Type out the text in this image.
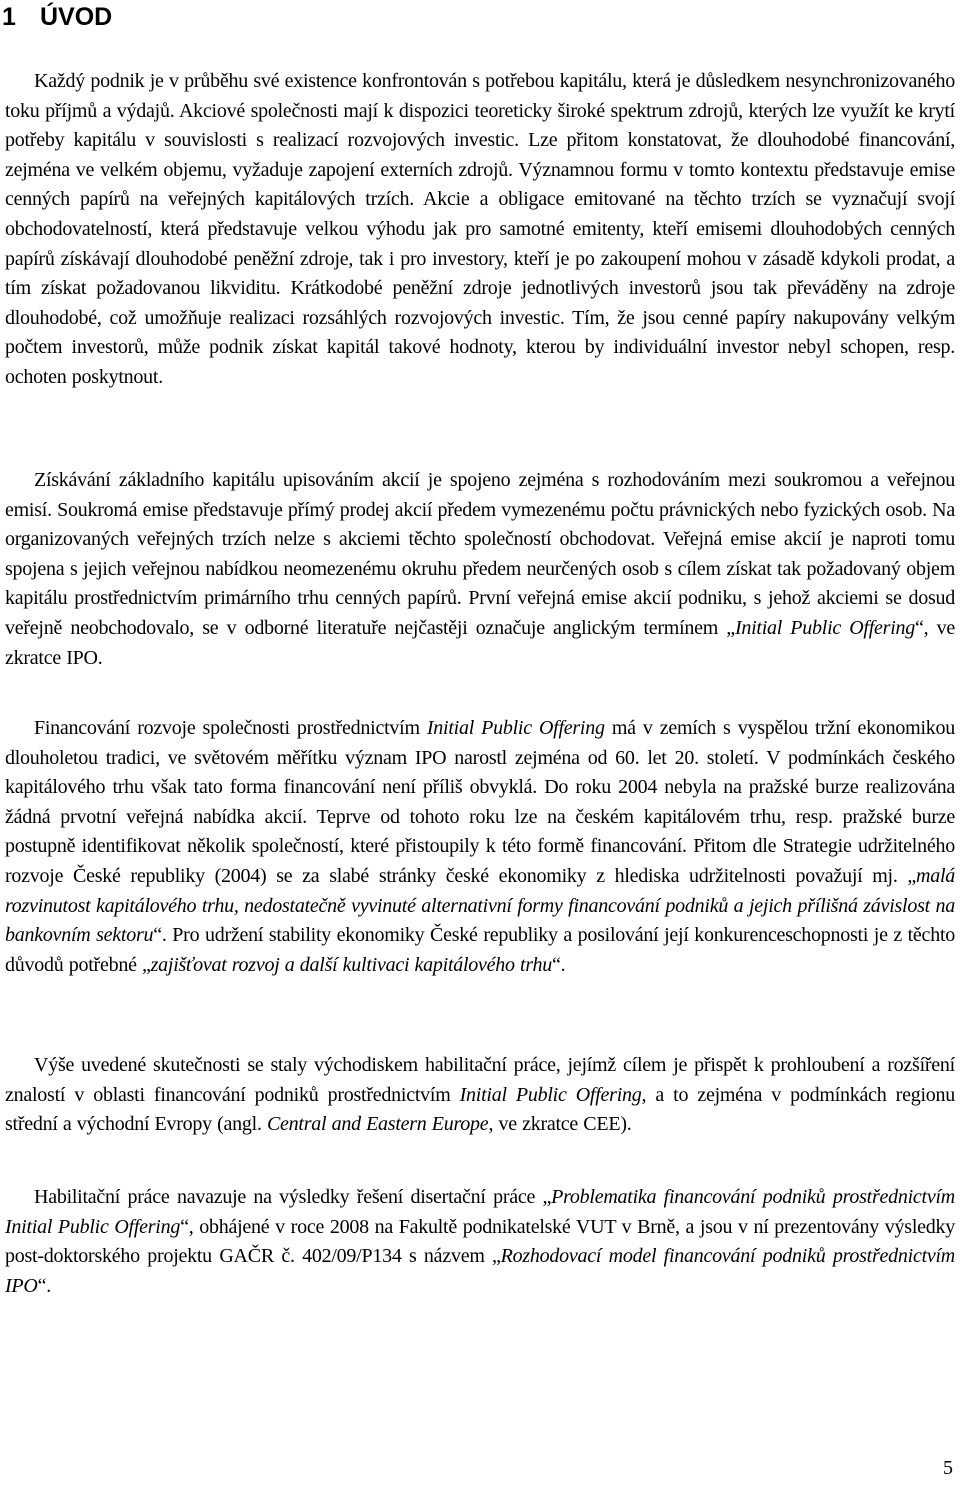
1 ÚVOD

Každý podnik je v průběhu své existence konfrontován s potřebou kapitálu, která je důsledkem nesynchronizovaného toku příjmů a výdajů. Akciové společnosti mají k dispozici teoreticky široké spektrum zdrojů, kterých lze využít ke krytí potřeby kapitálu v souvislosti s realizací rozvojových investic. Lze přitom konstatovat, že dlouhodobé financování, zejména ve velkém objemu, vyžaduje zapojení externích zdrojů. Významnou formu v tomto kontextu představuje emise cenných papírů na veřejných kapitálových trzích. Akcie a obligace emitované na těchto trzích se vyznačují svojí obchodovatelností, která představuje velkou výhodu jak pro samotné emitenty, kteří emisemi dlouhodobých cenných papírů získávají dlouhodobé peněžní zdroje, tak i pro investory, kteří je po zakoupení mohou v zásadě kdykoli prodat, a tím získat požadovanou likviditu. Krátkodobé peněžní zdroje jednotlivých investorů jsou tak převáděny na zdroje dlouhodobé, což umožňuje realizaci rozsáhlých rozvojových investic. Tím, že jsou cenné papíry nakupovány velkým počtem investorů, může podnik získat kapitál takové hodnoty, kterou by individuální investor nebyl schopen, resp. ochoten poskytnout.

Získávání základního kapitálu upisováním akcií je spojeno zejména s rozhodováním mezi soukromou a veřejnou emisí. Soukromá emise představuje přímý prodej akcií předem vymezenému počtu právnických nebo fyzických osob. Na organizovaných veřejných trzích nelze s akciemi těchto společností obchodovat. Veřejná emise akcií je naproti tomu spojena s jejich veřejnou nabídkou neomezenému okruhu předem neurčených osob s cílem získat tak požadovaný objem kapitálu prostřednictvím primárního trhu cenných papírů. První veřejná emise akcií podniku, s jehož akciemi se dosud veřejně neobchodovalo, se v odborné literatuře nejčastěji označuje anglickým termínem „Initial Public Offering“, ve zkratce IPO.

Financování rozvoje společnosti prostřednictvím Initial Public Offering má v zemích s vyspělou tržní ekonomikou dlouholetou tradici, ve světovém měřítku význam IPO narostl zejména od 60. let 20. století. V podmínkách českého kapitálového trhu však tato forma financování není příliš obvyklá. Do roku 2004 nebyla na pražské burze realizována žádná prvotní veřejná nabídka akcií. Teprve od tohoto roku lze na českém kapitálovém trhu, resp. pražské burze postupně identifikovat několik společností, které přistoupily k této formě financování. Přitom dle Strategie udržitelného rozvoje České republiky (2004) se za slabé stránky české ekonomiky z hlediska udržitelnosti považují mj. „malá rozvinutost kapitálového trhu, nedostatečně vyvinuté alternativní formy financování podniků a jejich přílišná závislost na bankovním sektoru“. Pro udržení stability ekonomiky České republiky a posilování její konkurenceschopnosti je z těchto důvodů potřebné „zajišťovat rozvoj a další kultivaci kapitálového trhu“.

Výše uvedené skutečnosti se staly východiskem habilitační práce, jejímž cílem je přispět k prohloubení a rozšíření znalostí v oblasti financování podniků prostřednictvím Initial Public Offering, a to zejména v podmínkách regionu střední a východní Evropy (angl. Central and Eastern Europe, ve zkratce CEE).

Habilitační práce navazuje na výsledky řešení disertační práce „Problematika financování podniků prostřednictvím Initial Public Offering“, obhájené v roce 2008 na Fakultě podnikatelské VUT v Brně, a jsou v ní prezentovány výsledky post-doktorského projektu GAČR č. 402/09/P134 s názvem „Rozhodovací model financování podniků prostřednictvím IPO“.

5
